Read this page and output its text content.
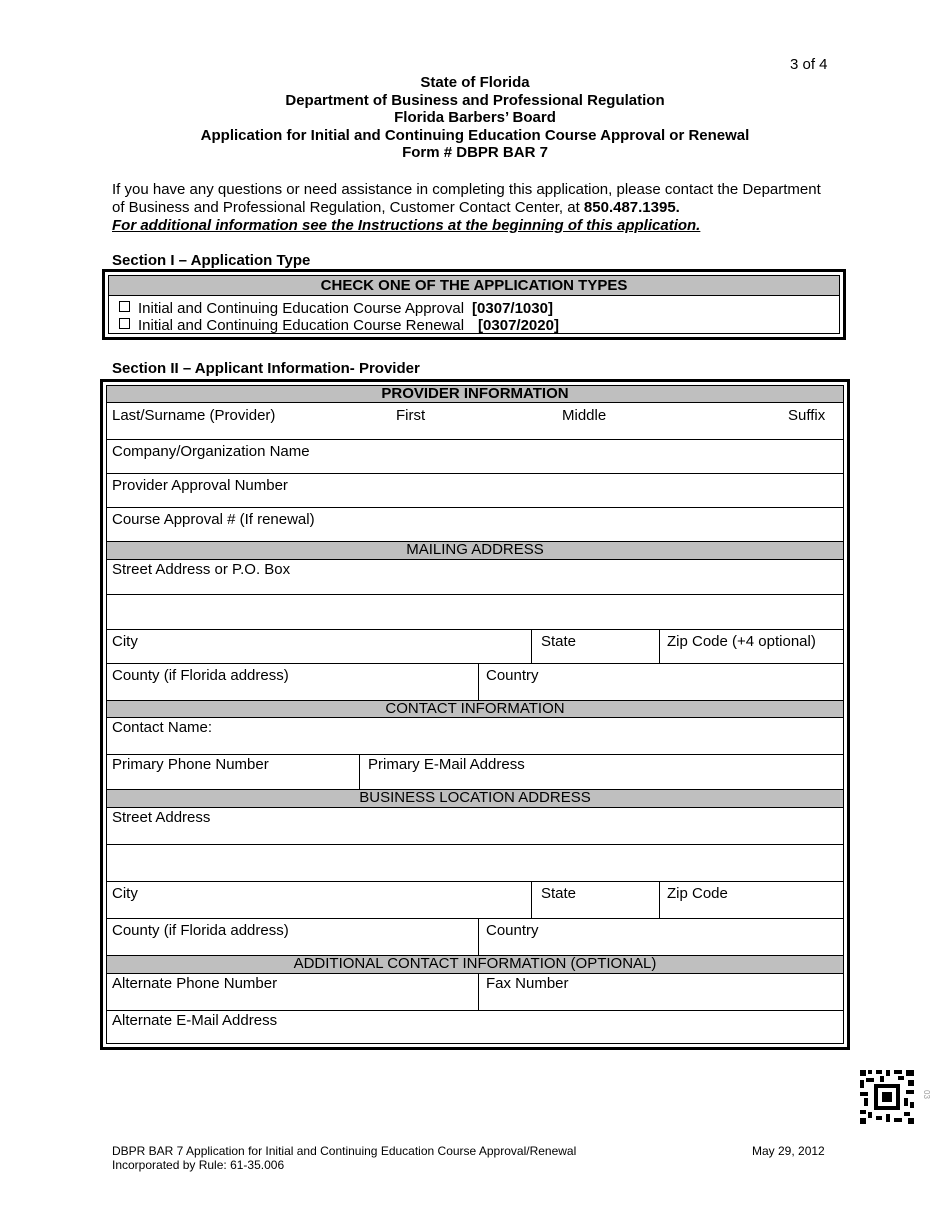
3 of 4
State of Florida
Department of Business and Professional Regulation
Florida Barbers’ Board
Application for Initial and Continuing Education Course Approval or Renewal
Form # DBPR BAR 7
If you have any questions or need assistance in completing this application, please contact the Department of Business and Professional Regulation, Customer Contact Center, at 850.487.1395.
For additional information see the Instructions at the beginning of this application.
Section I – Application Type
CHECK ONE OF THE APPLICATION TYPES
Initial and Continuing Education Course Approval [0307/1030]
Initial and Continuing Education Course Renewal [0307/2020]
Section II – Applicant Information- Provider
PROVIDER INFORMATION
Last/Surname (Provider)	First	Middle	Suffix
Company/Organization Name
Provider Approval Number
Course Approval # (If renewal)
MAILING ADDRESS
Street Address or P.O. Box
City	State	Zip Code (+4 optional)
County (if Florida address)	Country
CONTACT INFORMATION
Contact Name:
Primary Phone Number	Primary E-Mail Address
BUSINESS LOCATION ADDRESS
Street Address
City	State	Zip Code
County (if Florida address)	Country
ADDITIONAL CONTACT INFORMATION (OPTIONAL)
Alternate Phone Number	Fax Number
Alternate E-Mail Address
03
DBPR BAR 7 Application for Initial and Continuing Education Course Approval/Renewal
Incorporated by Rule: 61-35.006
May 29, 2012
